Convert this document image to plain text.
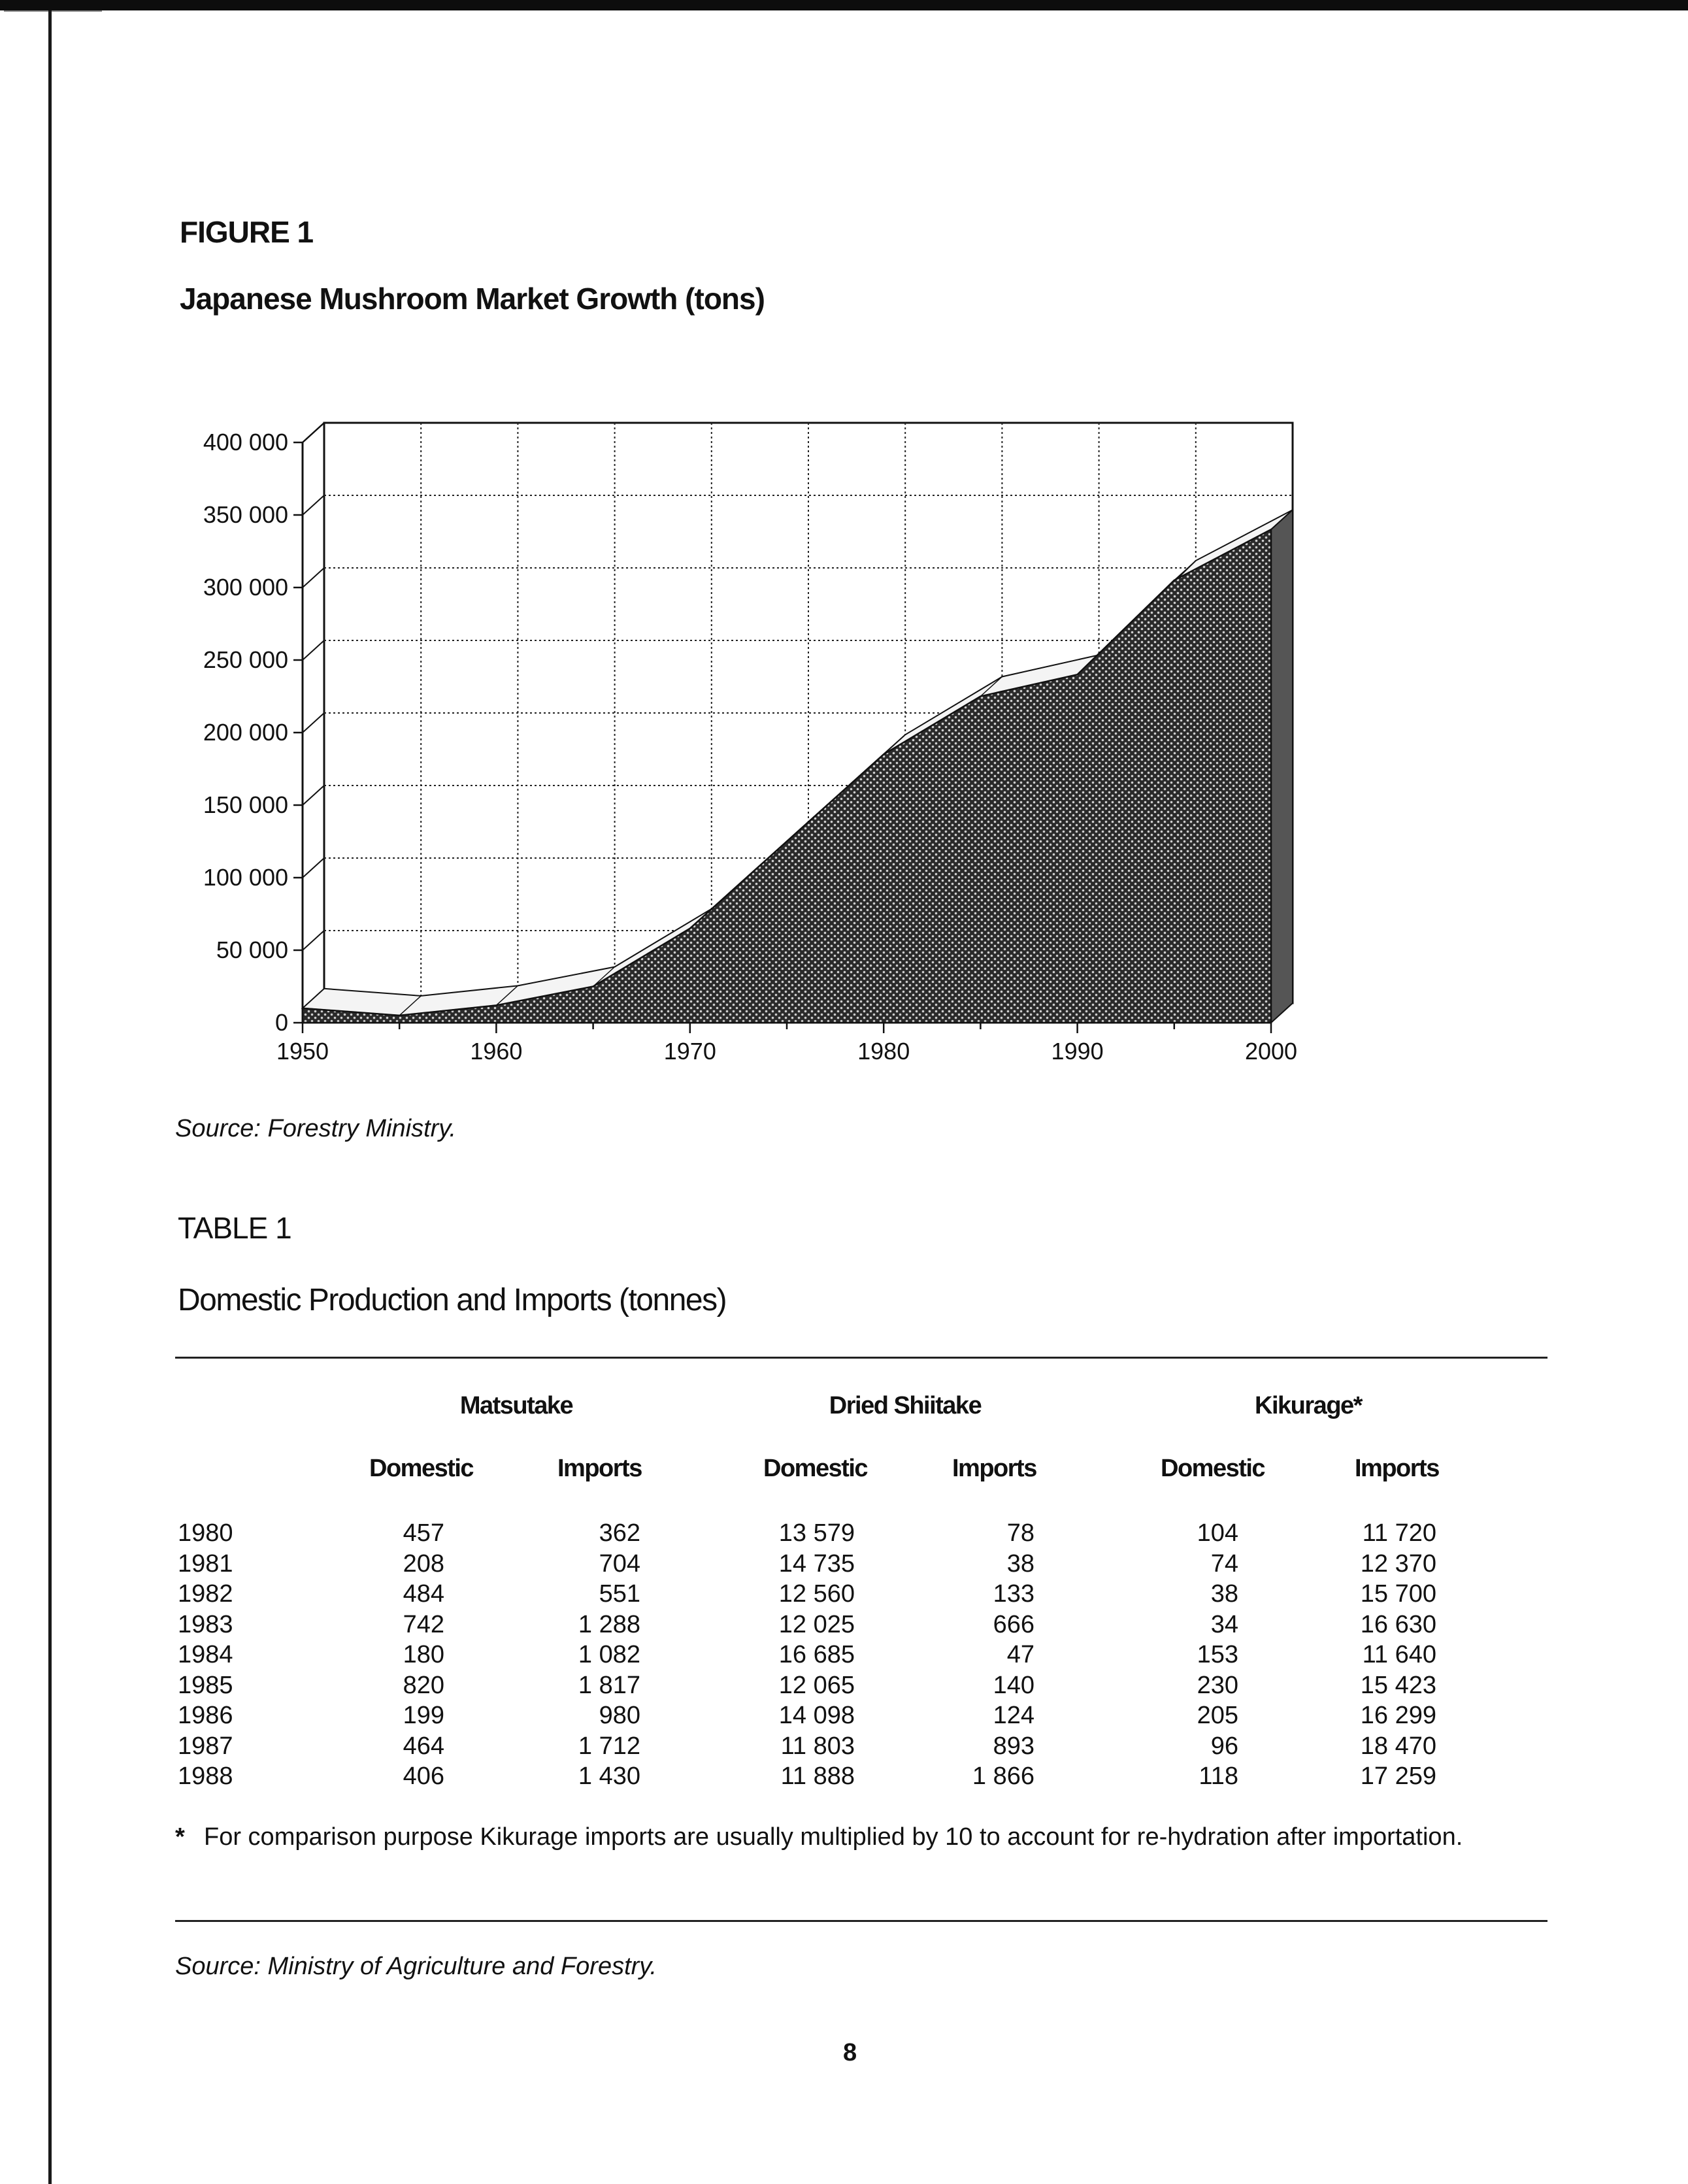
FIGURE 1
Japanese Mushroom Market Growth (tons)
0
50 000
100 000
150 000
200 000
250 000
300 000
350 000
400 000
1950	1960	1970	1980	1990	2000
Source: Forestry Ministry.
TABLE 1
Domestic Production and Imports (tonnes)
Matsutake	Dried Shiitake	Kikurage*
Domestic	Imports	Domestic	Imports	Domestic	Imports
1980	457	362	13 579	78	104	11 720
1981	208	704	14 735	38	74	12 370
1982	484	551	12 560	133	38	15 700
1983	742	1 288	12 025	666	34	16 630
1984	180	1 082	16 685	47	153	11 640
1985	820	1 817	12 065	140	230	15 423
1986	199	980	14 098	124	205	16 299
1987	464	1 712	11 803	893	96	18 470
1988	406	1 430	11 888	1 866	118	17 259
* For comparison purpose Kikurage imports are usually multiplied by 10 to account for re-hydration after importation.
Source: Ministry of Agriculture and Forestry.
8
